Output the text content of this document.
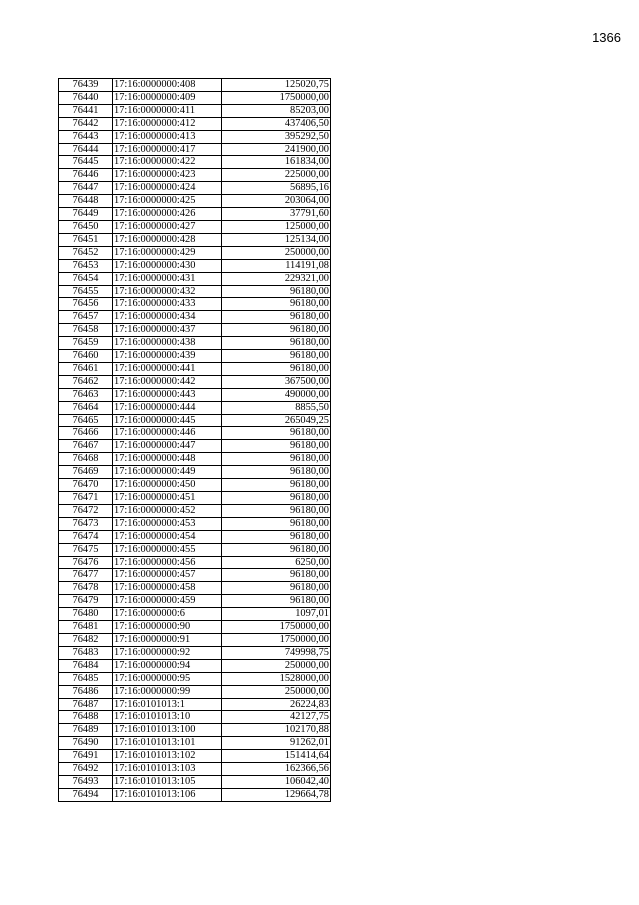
1366
76439	17:16:0000000:408	125020,75
76440	17:16:0000000:409	1750000,00
76441	17:16:0000000:411	85203,00
76442	17:16:0000000:412	437406,50
76443	17:16:0000000:413	395292,50
76444	17:16:0000000:417	241900,00
76445	17:16:0000000:422	161834,00
76446	17:16:0000000:423	225000,00
76447	17:16:0000000:424	56895,16
76448	17:16:0000000:425	203064,00
76449	17:16:0000000:426	37791,60
76450	17:16:0000000:427	125000,00
76451	17:16:0000000:428	125134,00
76452	17:16:0000000:429	250000,00
76453	17:16:0000000:430	114191,08
76454	17:16:0000000:431	229321,00
76455	17:16:0000000:432	96180,00
76456	17:16:0000000:433	96180,00
76457	17:16:0000000:434	96180,00
76458	17:16:0000000:437	96180,00
76459	17:16:0000000:438	96180,00
76460	17:16:0000000:439	96180,00
76461	17:16:0000000:441	96180,00
76462	17:16:0000000:442	367500,00
76463	17:16:0000000:443	490000,00
76464	17:16:0000000:444	8855,50
76465	17:16:0000000:445	265049,25
76466	17:16:0000000:446	96180,00
76467	17:16:0000000:447	96180,00
76468	17:16:0000000:448	96180,00
76469	17:16:0000000:449	96180,00
76470	17:16:0000000:450	96180,00
76471	17:16:0000000:451	96180,00
76472	17:16:0000000:452	96180,00
76473	17:16:0000000:453	96180,00
76474	17:16:0000000:454	96180,00
76475	17:16:0000000:455	96180,00
76476	17:16:0000000:456	6250,00
76477	17:16:0000000:457	96180,00
76478	17:16:0000000:458	96180,00
76479	17:16:0000000:459	96180,00
76480	17:16:0000000:6	1097,01
76481	17:16:0000000:90	1750000,00
76482	17:16:0000000:91	1750000,00
76483	17:16:0000000:92	749998,75
76484	17:16:0000000:94	250000,00
76485	17:16:0000000:95	1528000,00
76486	17:16:0000000:99	250000,00
76487	17:16:0101013:1	26224,83
76488	17:16:0101013:10	42127,75
76489	17:16:0101013:100	102170,88
76490	17:16:0101013:101	91262,01
76491	17:16:0101013:102	151414,64
76492	17:16:0101013:103	162366,56
76493	17:16:0101013:105	106042,40
76494	17:16:0101013:106	129664,78
